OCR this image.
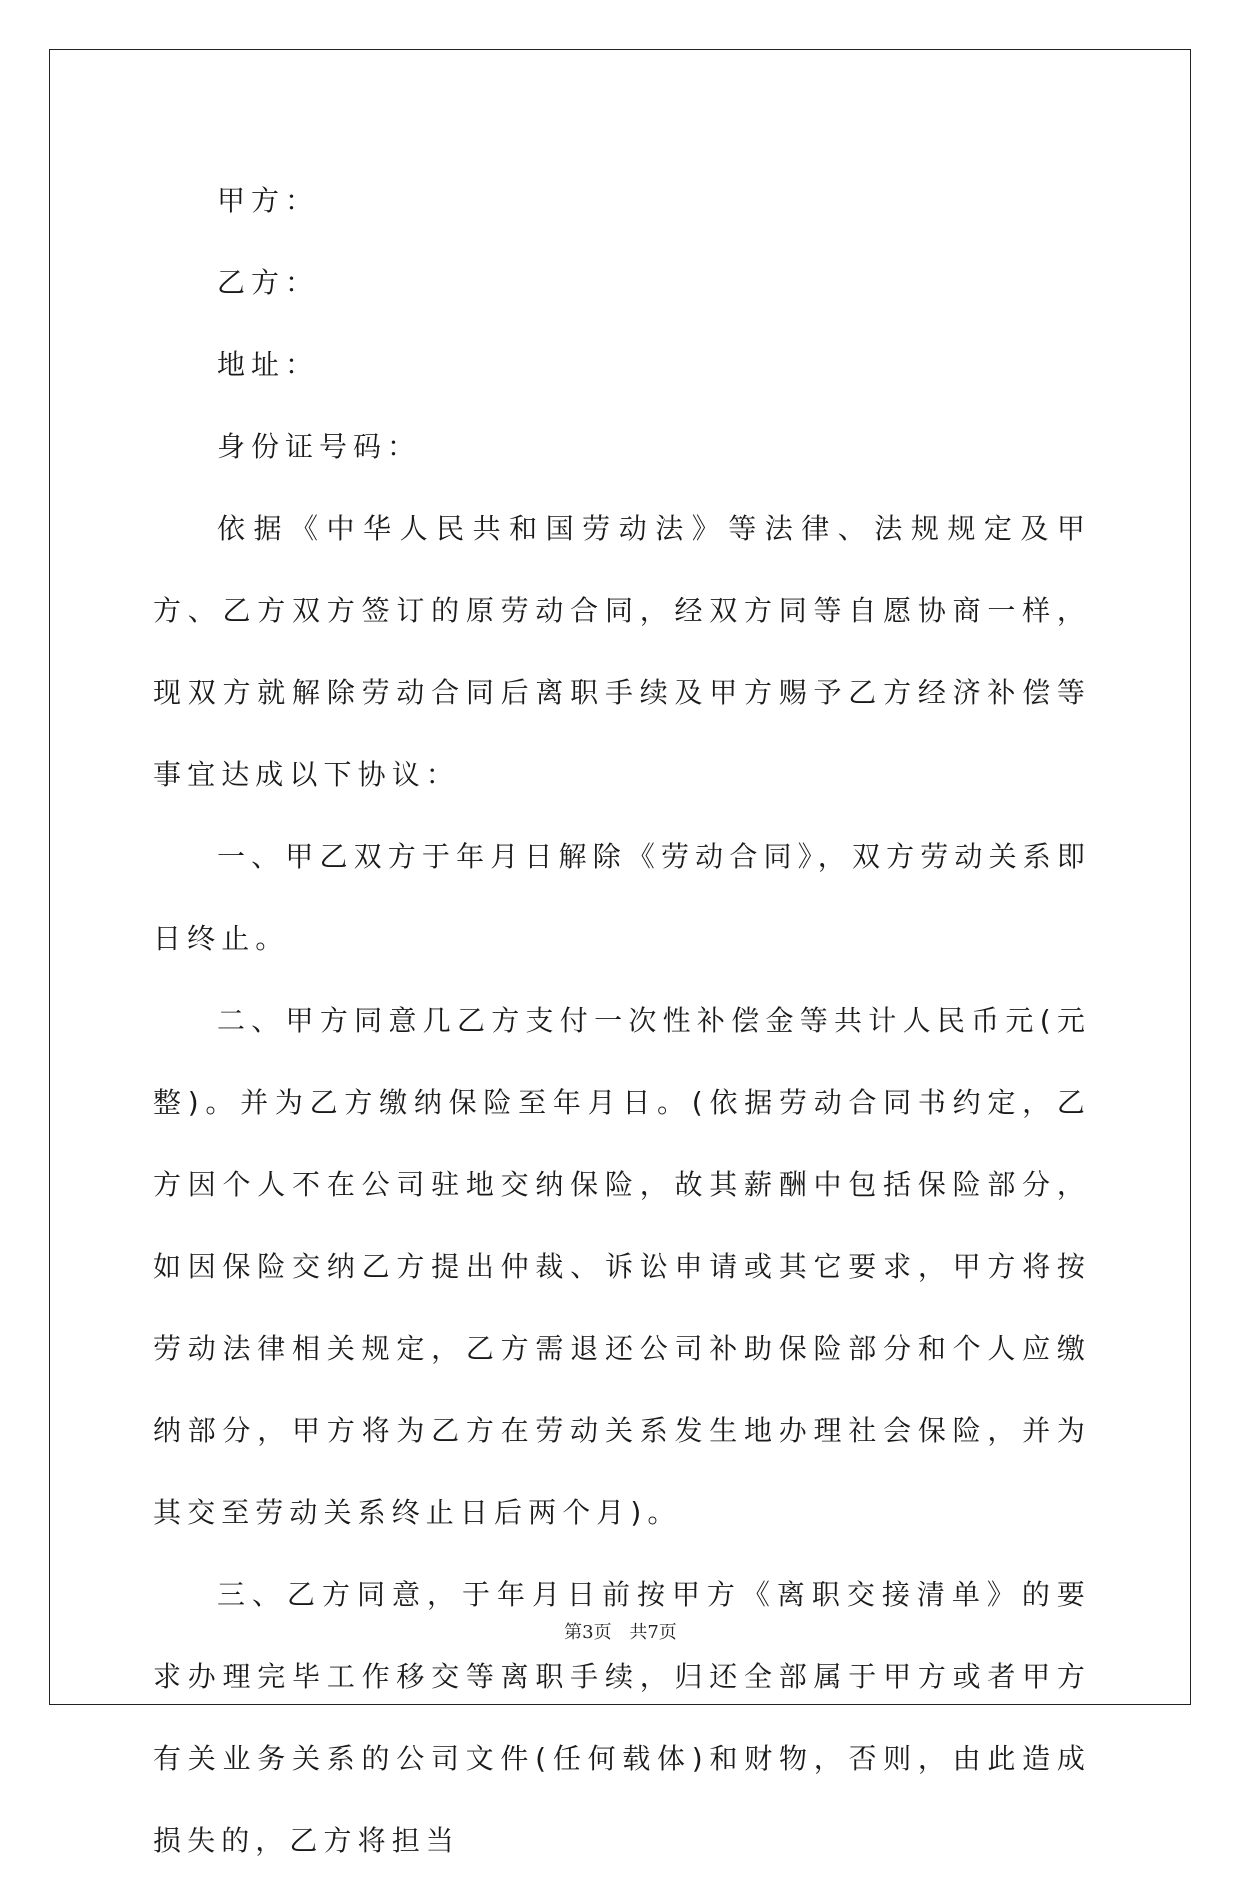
甲方：

乙方：

地址：

身份证号码：

依据《中华人民共和国劳动法》等法律、法规规定及甲方、乙方双方签订的原劳动合同，经双方同等自愿协商一样，现双方就解除劳动合同后离职手续及甲方赐予乙方经济补偿等事宜达成以下协议：

一、甲乙双方于年月日解除《劳动合同》，双方劳动关系即日终止。

二、甲方同意几乙方支付一次性补偿金等共计人民币元(元整)。并为乙方缴纳保险至年月日。(依据劳动合同书约定，乙方因个人不在公司驻地交纳保险，故其薪酬中包括保险部分，如因保险交纳乙方提出仲裁、诉讼申请或其它要求，甲方将按劳动法律相关规定，乙方需退还公司补助保险部分和个人应缴纳部分，甲方将为乙方在劳动关系发生地办理社会保险，并为其交至劳动关系终止日后两个月)。

三、乙方同意，于年月日前按甲方《离职交接清单》的要求办理完毕工作移交等离职手续，归还全部属于甲方或者甲方有关业务关系的公司文件(任何载体)和财物，否则，由此造成损失的，乙方将担当

第3页 共7页
